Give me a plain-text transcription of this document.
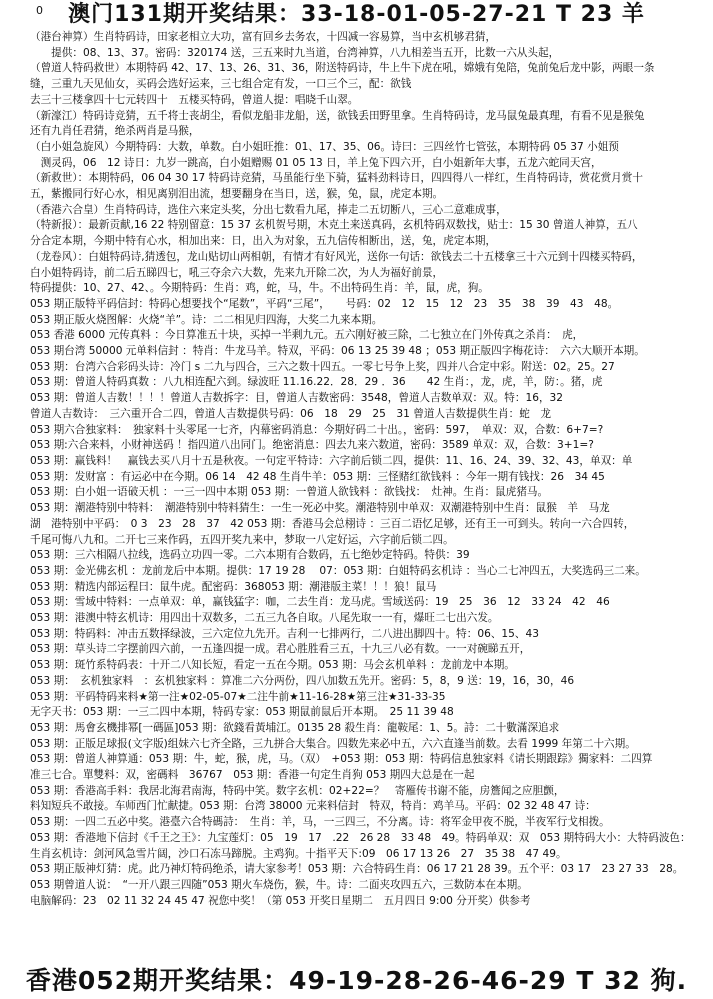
0	澳门131期开奖结果：33-18-01-05-27-21 T 23 羊
（港台神算）生肖特码诗，田家老相立大功，富有回乡去务农，十四减一容易算，当中玄机够君猜，
　　提供：08、13、37。密码：320174 送，三五来时九当道，台湾神算，八九相差当五开，比数一六从头起，
（曾道人特码救世）本期特码 42、17、13、26、31、36，附送特码诗，牛上牛下虎在吼，嫦娥有兔陪，兔前兔后龙中影，两眼一条
缝，三重九天见仙女，买码会选好运来，三七组合定有发，一口三个三，配：欲钱
去三十三楼拿四十七元转四十　五楼买特码，曾道人提：唱晓千山翠。
（新濠江）特码诗竞猜，五千将士丧胡尘，看似龙船非龙船，送，欲钱丢田野里拿。生肖特码诗，龙马鼠兔最真理，有看不见是猴兔
还有九肖任君猜，绝杀两肖是马猴，
（白小姐急旋风）今期特码：大数，单数。白小姐旺推：01、17、35、06。诗曰：三四丝竹七管弦，本期特码 05 37 小姐预
　测灵码，06　12 诗日：九岁一跳高，白小姐赠赐 01 05 13 日，羊上兔下四六开，白小姐新年大事，五龙六蛇同天宫，
（新救世）：本期特码，06 04 30 17 特码诗竞猜，马虽能行坐下骑，猛料劲料诗日，四四得八一样红，生肖特码诗，赏花赏月赏十
五，紫搬同行好心水，相见离别泪出流，想要翻身在当日，送，猴，兔，鼠，虎定本期。
（香港六合皇）生肖特码诗，选住六来定头奖，分出七数看九尾，捧走二五切断八，三心二意难成事，
（特新报）：最新贡献,16 22 特别留意：15 37 玄机贺号期，木克土来送真码，玄机特码双数找，贴士：15 30 曾道人神算，五八
分合定本期，今期中特有心水，相加出来：日，出入为对象，五九信传相断出，送，兔，虎定本期，
（龙卷风）：白姐特码诗,猜透包，龙山贴切山两相朝，有情才有好风光，送你一句话：欲钱去二十五楼拿三十六元到十四楼买特码，
白小姐特码诗，前二后五睇四七，吼三夺余六大数，先来九开除二次，为人为福好前景，
特码提供：10、27、42、。今期特码：生肖：鸡，蛇，马，牛。不出特码生肖：羊，鼠，虎，狗。
053 期正版特平码信封：特码心想要找个“尾数”，平码“三尾”，　　号码：02　12　15　12　23　35　38　39　43　48。
053 期正版火烧图解：火烧“羊”。诗：二二相见归四海，大奖二九来本期。
053 香港 6000 元传真料 ：今日算准五十块，买掉一半剩九元。五六刚好被三除，二七独立在门外传真之杀肖：　虎，
053 期台湾 50000 元单料信封 ：特肖：牛龙马羊。特双，平码：06 13 25 39 48 ；053 期正版四字梅花诗：　六六大顺开本期。
053 期：台湾六合彩码头诗：冷门 s 二九与四合，三六之数十四五。一零七号争上奖，四并八合定中彩。附送：02。25。27
053 期：曾道人特码真数 ：八九相连配六到。绿波旺 11.16.22．28．29 ．36　　42 生肖：，龙，虎，羊，防：。猪，虎
053 期：曾道人吉数！！！！曾道人吉数拆字：目，曾道人吉数密码：3548，曾道人吉数单双：双。特：16，32
曾道人吉数诗：　三六重开合二四，曾道人吉数提供号码：06　18　29　25　31 曾道人吉数提供生肖：蛇　龙
053 期六合独家料：　独家料十头零尾一七齐，内幕密码消息：今期好码二十出。，密码：597，　单双：双，合数：6+7=?
053 期:六合来料，小财神送码 ！指四道八出同门。绝密消息：四去九来六数道，密码：3589 单双：双，合数：3+1=?
053 期：赢钱料！　赢钱去买八月十五是秋夜。一句定平特诗：六字前后锁二四，提供：11、16、24、39、32、43，单双：单
053 期：发财富 ：有运必中在今期。06 14　42 48 生肖牛羊：053 期：三怪赌红欲钱料 ：今年一期有钱找：26　34 45
053 期：白小姐一语破天机 ：一三一四中本期 053 期：一曾道人欲钱料 ：欲钱找：　灶神。生肖：鼠虎猪马。
053 期：潮港特别中特料：　潮港特别中特料猜生：一生一死必中奖。潮港特别中单双：双潮港特别中生肖：鼠猴　羊　马龙
湖　港特别中平码：　0 3　23　28　37　42 053 期：香港马会总栩诗 ：三百二语忆足够，还有王一可到头。转向一六合四转，
千尾可悔八九和。二开七三来作码，五四开奖九来中，梦取一八定好运，六字前后锁二四。
053 期：三六相隔八拉线，选码立功四一零。二六本期有合数码，五七绝妙定特码。特供：39
053 期：金光佛玄机 ：龙前龙后中本期。提供：17 19 28　 07：053 期：白姐特码玄机诗 ：当心二七冲四五，大奖选码三二来。
053 期：精选内部运程曰：鼠牛虎。配密码：368053 期：潮港版主菜！！！狼！鼠马
053 期：雪域中特料：一点单双：单，赢钱猛字：咖，二去生肖：龙马虎。雪域送码：19　25　36　12　33 24　42　46
053 期：港澳中特玄机诗：用四出十双数多，二五三九各自取。八尾先取一一有，爆旺二七出六发。
053 期：特码料：冲击五数择绿波，三六定位九先开。吉利一七排两行，二八进出脚四十。特：06、15、43
053 期：草头诗二字摆前四六前，一五逢四提一成。君心胜胜看三五，十九三八必有数。一一对碗睇五开，
053 期：斑竹系特码表：十开二八知长短，看定一五在今期。053 期：马会玄机单料 ：龙前龙中本期。
053 期：　玄机独家料　：玄机独家料 ：算准二六分两份，四八加数五先开。密码：5，8，9 送：19，16，30，46
053 期：平码特码来料★第一注★02-05-07★二注牛前★11-16-28★第三注★31-33-35
无字天书：053 期：一三二四中本期，特码专家：053 期鼠前鼠后开本期。　25 11 39 48
053 期：馬會玄機排幂[一碼區]053 期：欲錢看黃埔江。0135 28 殺生肖：龍鞍尾：1、5。詩：二十數滿深追求
053 期：正版足球报(文字版)组妹六七齐全路，三九拼合大集合。四数先来必中五，六六直逢当前数。去看 1999 年第二十六期。
053 期：曾道人神算通：053 期：牛，蛇，猴，虎，马。（双）　+053 期：053 期：特码信息独家料《请长期跟踪》獨家料：二四算
准三七合。單雙料：双，密碼料　36767　053 期：香港一句定生肖狗 053 期四大总是在一起
053 期：香港高手料：我居北海君南海，特码中笑。数字玄机：02+22=？　寄雁传书谢不能，房簷闻之应胆颤，
料知短兵不敢接。车师西门忙献捷。053 期：台湾 38000 元来料信封　特双，特肖：鸡羊马。平码：02 32 48 47 诗：
053 期：一四二五必中奖。港臺六合特碼詩：　生肖：羊，马，一三四三，不分离。诗：将军金甲夜不脱，半夜军行戈相拨。
053 期：香港地下信封《千王之王》：九宝莲灯：05　19　17　.22　26 28　33 48　49。特码单双：双　053 期特码大小：大特码波色：
生肖玄机诗：剑河风急雪片阔，沙口石冻马蹄脱。主鸡狗。十指平天下:09　06 17 13 26　27　35 38　47 49。
053 期正版神灯猜：虎。此乃神灯特码绝杀，请大家参考！053 期：六合特码生肖：06 17 21 28 39。五个平：03 17　23 27 33　28。
053 期曾道人说：　“一开八跟三四随”053 期火车烧伤，猴，牛。诗：二面夹攻四五六，三数防本在本期。
电脑解码：23　02 11 32 24 45 47 祝您中奖！（第 053 开奖日星期二　五月四日 9:00 分开奖）供参考
香港052期开奖结果：49-19-28-26-46-29 T 32 狗.
